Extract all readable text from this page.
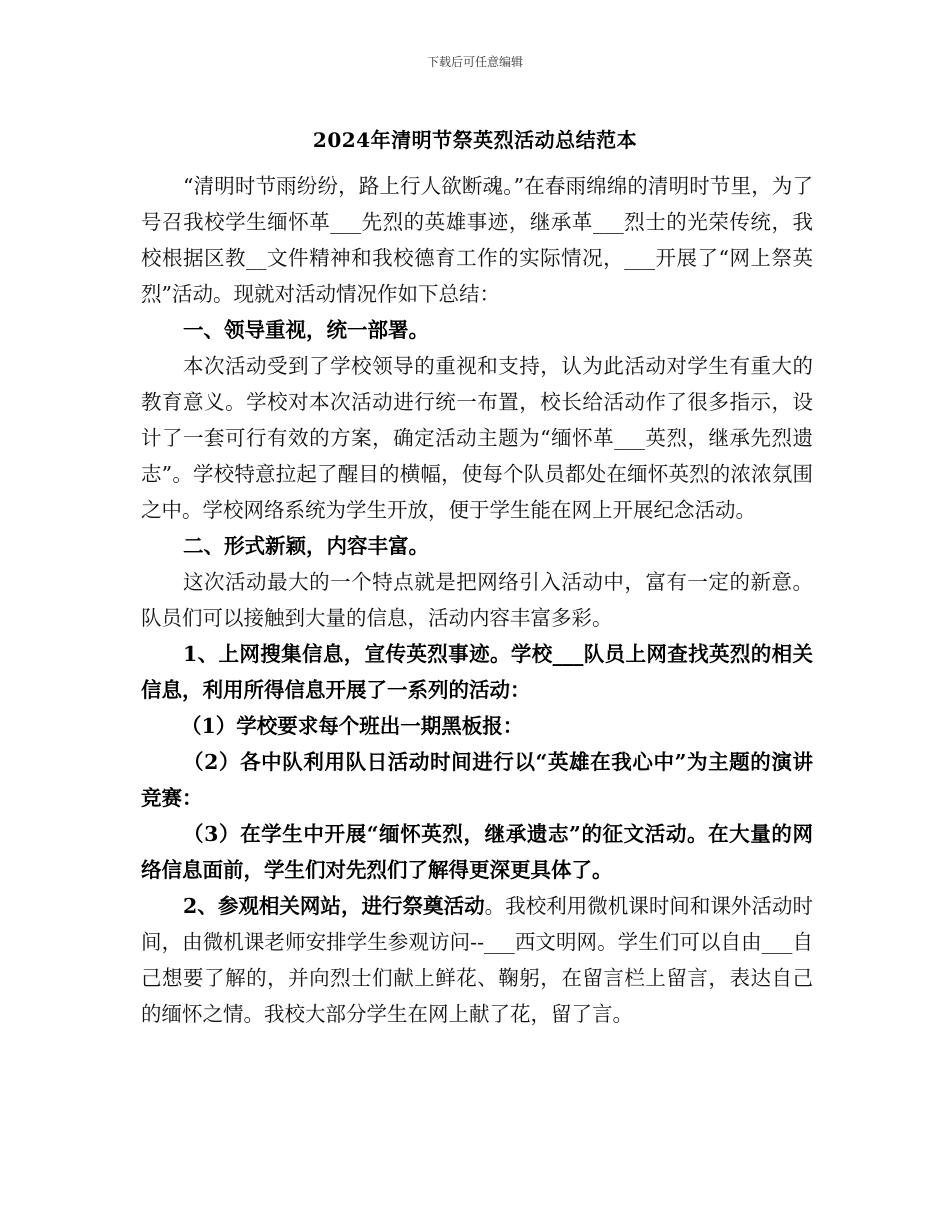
下载后可任意编辑
2024年清明节祭英烈活动总结范本

“清明时节雨纷纷，路上行人欲断魂。”在春雨绵绵的清明时节里，为了号召我校学生缅怀革___先烈的英雄事迹，继承革___烈士的光荣传统，我校根据区教__文件精神和我校德育工作的实际情况，___开展了“网上祭英烈”活动。现就对活动情况作如下总结：

一、领导重视，统一部署。

本次活动受到了学校领导的重视和支持，认为此活动对学生有重大的教育意义。学校对本次活动进行统一布置，校长给活动作了很多指示，设计了一套可行有效的方案，确定活动主题为“缅怀革___英烈，继承先烈遗志”。学校特意拉起了醒目的横幅，使每个队员都处在缅怀英烈的浓浓氛围之中。学校网络系统为学生开放，便于学生能在网上开展纪念活动。

二、形式新颖，内容丰富。

这次活动最大的一个特点就是把网络引入活动中，富有一定的新意。队员们可以接触到大量的信息，活动内容丰富多彩。

1、上网搜集信息，宣传英烈事迹。学校___队员上网查找英烈的相关信息，利用所得信息开展了一系列的活动：

（1）学校要求每个班出一期黑板报：

（2）各中队利用队日活动时间进行以“英雄在我心中”为主题的演讲竞赛：

（3）在学生中开展“缅怀英烈，继承遗志”的征文活动。在大量的网络信息面前，学生们对先烈们了解得更深更具体了。

2、参观相关网站，进行祭奠活动。我校利用微机课时间和课外活动时间，由微机课老师安排学生参观访问--___西文明网。学生们可以自由___自己想要了解的，并向烈士们献上鲜花、鞠躬，在留言栏上留言，表达自己的缅怀之情。我校大部分学生在网上献了花，留了言。
